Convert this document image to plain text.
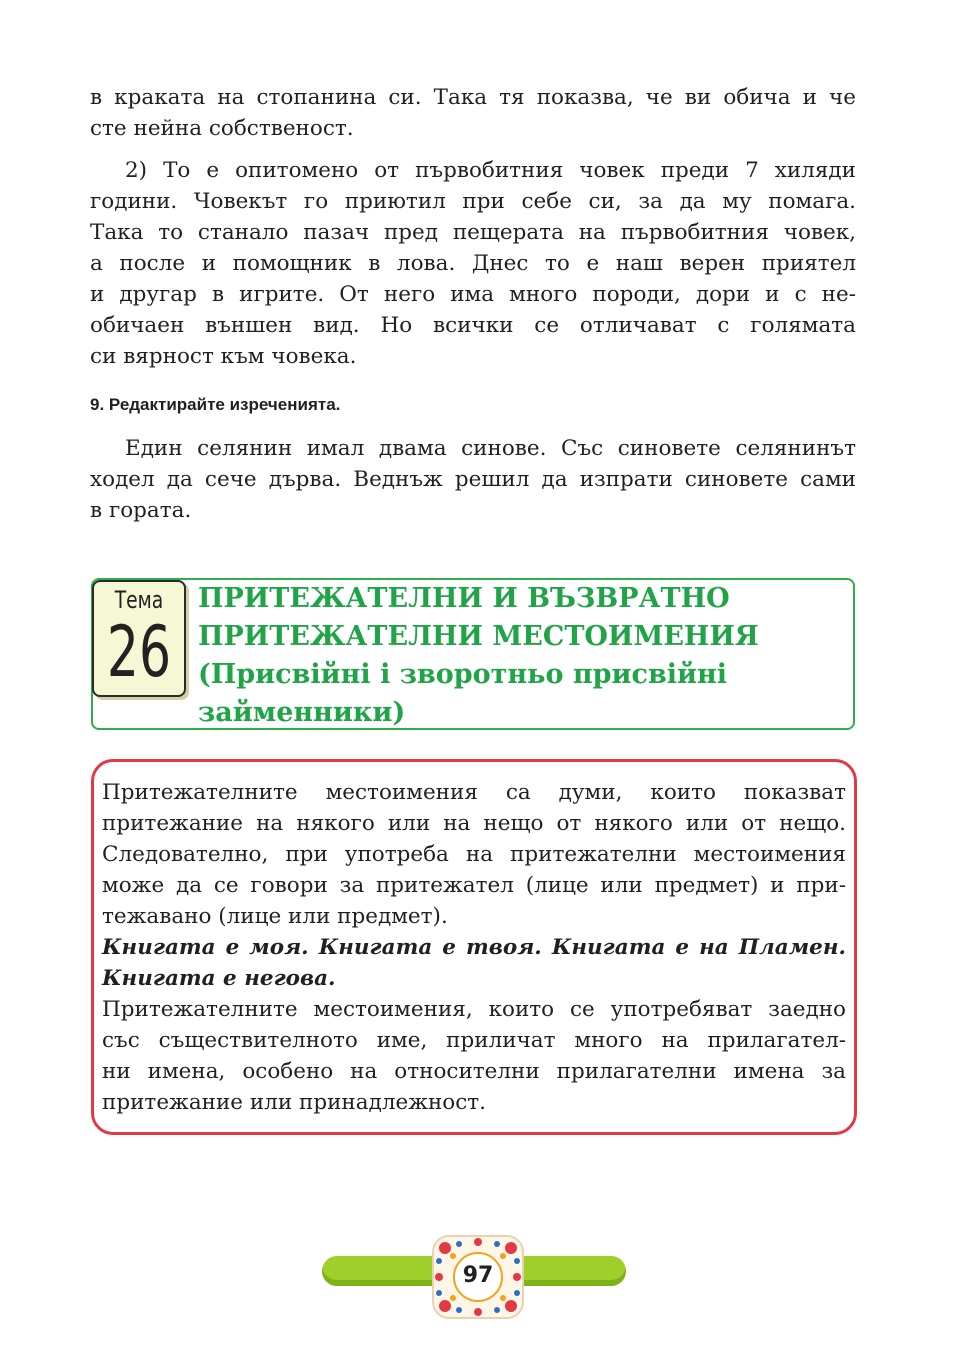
в краката на стопанина си. Така тя показва, че ви обича и че
сте нейна собственост.
2) То е опитомено от първобитния човек преди 7 хиляди
години. Човекът го приютил при себе си, за да му помага.
Така то станало пазач пред пещерата на първобитния човек,
а после и помощник в лова. Днес то е наш верен приятел
и другар в игрите. От него има много породи, дори и с не-
обичаен външен вид. Но всички се отличават с голямата
си вярност към човека.
9. Редактирайте изреченията.
Един селянин имал двама синове. Със синовете селянинът
ходел да сече дърва. Веднъж решил да изпрати синовете сами
в гората.
Тема
26
ПРИТЕЖАТЕЛНИ И ВЪЗВРАТНО
ПРИТЕЖАТЕЛНИ МЕСТОИМЕНИЯ
(Присвійні і зворотньо присвійні
займенники)
Притежателните местоимения са думи, които показват
притежание на някого или на нещо от някого или от нещо.
Следователно, при употреба на притежателни местоимения
може да се говори за притежател (лице или предмет) и при-
тежавано (лице или предмет).
Книгата е моя. Книгата е твоя. Книгата е на Пламен.
Книгата е негова.
Притежателните местоимения, които се употребяват заедно
със съществителното име, приличат много на прилагател-
ни имена, особено на относителни прилагателни имена за
притежание или принадлежност.
97
